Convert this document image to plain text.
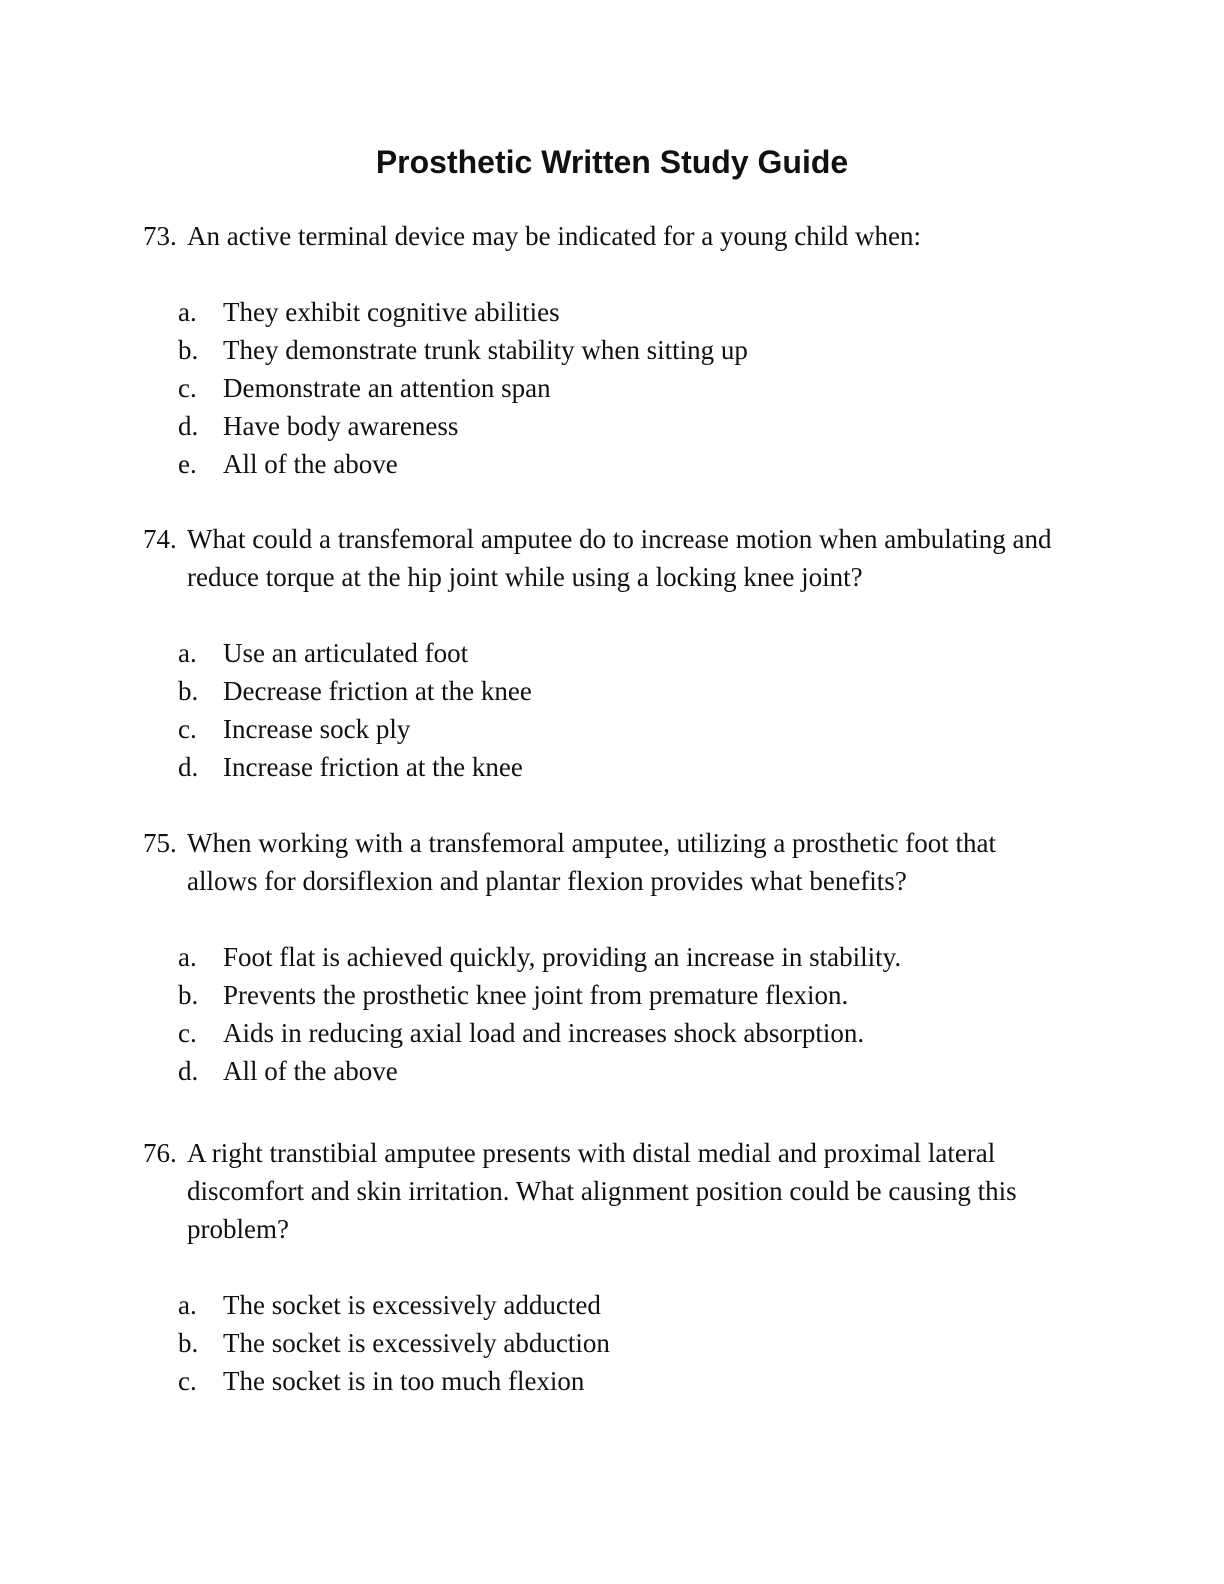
Prosthetic Written Study Guide

73. An active terminal device may be indicated for a young child when:

a. They exhibit cognitive abilities
b. They demonstrate trunk stability when sitting up
c. Demonstrate an attention span
d. Have body awareness
e. All of the above

74. What could a transfemoral amputee do to increase motion when ambulating and reduce torque at the hip joint while using a locking knee joint?

a. Use an articulated foot
b. Decrease friction at the knee
c. Increase sock ply
d. Increase friction at the knee

75. When working with a transfemoral amputee, utilizing a prosthetic foot that allows for dorsiflexion and plantar flexion provides what benefits?

a. Foot flat is achieved quickly, providing an increase in stability.
b. Prevents the prosthetic knee joint from premature flexion.
c. Aids in reducing axial load and increases shock absorption.
d. All of the above

76. A right transtibial amputee presents with distal medial and proximal lateral discomfort and skin irritation. What alignment position could be causing this problem?

a. The socket is excessively adducted
b. The socket is excessively abduction
c. The socket is in too much flexion
